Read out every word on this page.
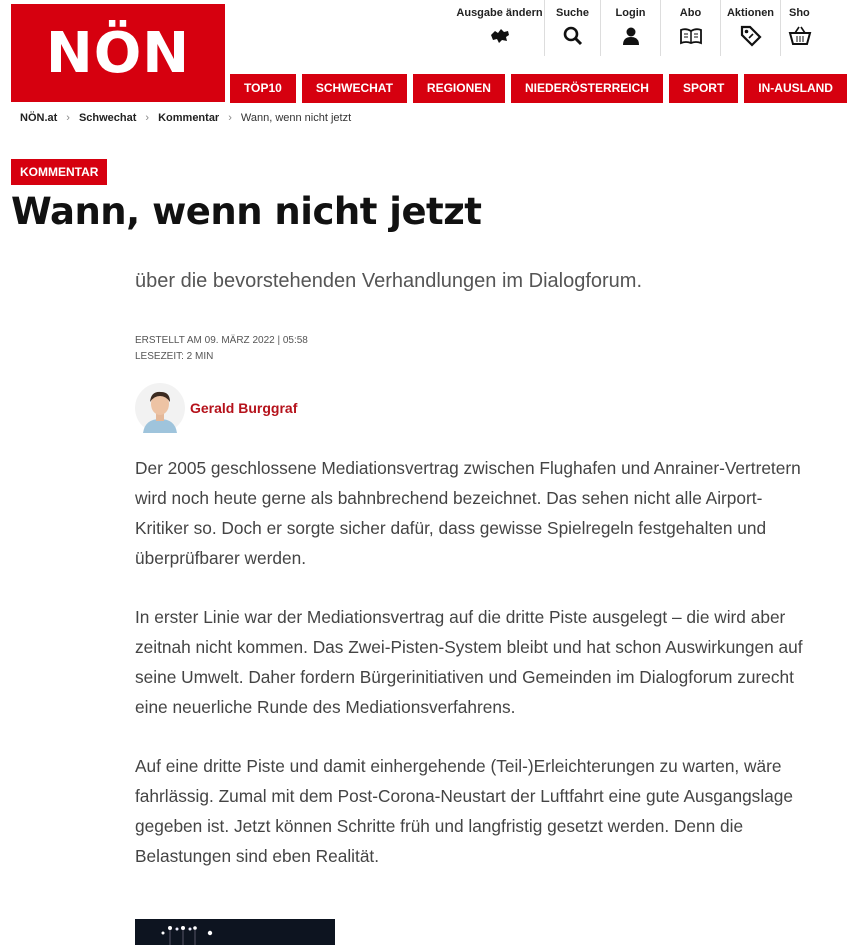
NÖN
Ausgabe ändern Suche Login	Abo Aktionen Sho
TOP10	SCHWECHAT	REGIONEN	NIEDERÖSTERREICH	SPORT	IN-AUSLAND
NÖN.at › Schwechat › Kommentar › Wann, wenn nicht jetzt
KOMMENTAR
Wann, wenn nicht jetzt
über die bevorstehenden Verhandlungen im Dialogforum.
ERSTELLT AM 09. MÄRZ 2022 | 05:58
LESEZEIT: 2 MIN
Gerald Burggraf

Der 2005 geschlossene Mediationsvertrag zwischen Flughafen und Anrainer-Vertretern wird noch heute gerne als bahnbrechend bezeichnet. Das sehen nicht alle Airport-Kritiker so. Doch er sorgte sicher dafür, dass gewisse Spielregeln festgehalten und überprüfbarer werden.

In erster Linie war der Mediationsvertrag auf die dritte Piste ausgelegt – die wird aber zeitnah nicht kommen. Das Zwei-Pisten-System bleibt und hat schon Auswirkungen auf seine Umwelt. Daher fordern Bürgerinitiativen und Gemeinden im Dialogforum zurecht eine neuerliche Runde des Mediationsverfahrens.

Auf eine dritte Piste und damit einhergehende (Teil-)Erleichterungen zu warten, wäre fahrlässig. Zumal mit dem Post-Corona-Neustart der Luftfahrt eine gute Ausgangslage gegeben ist. Jetzt können Schritte früh und langfristig gesetzt werden. Denn die Belastungen sind eben Realität.
